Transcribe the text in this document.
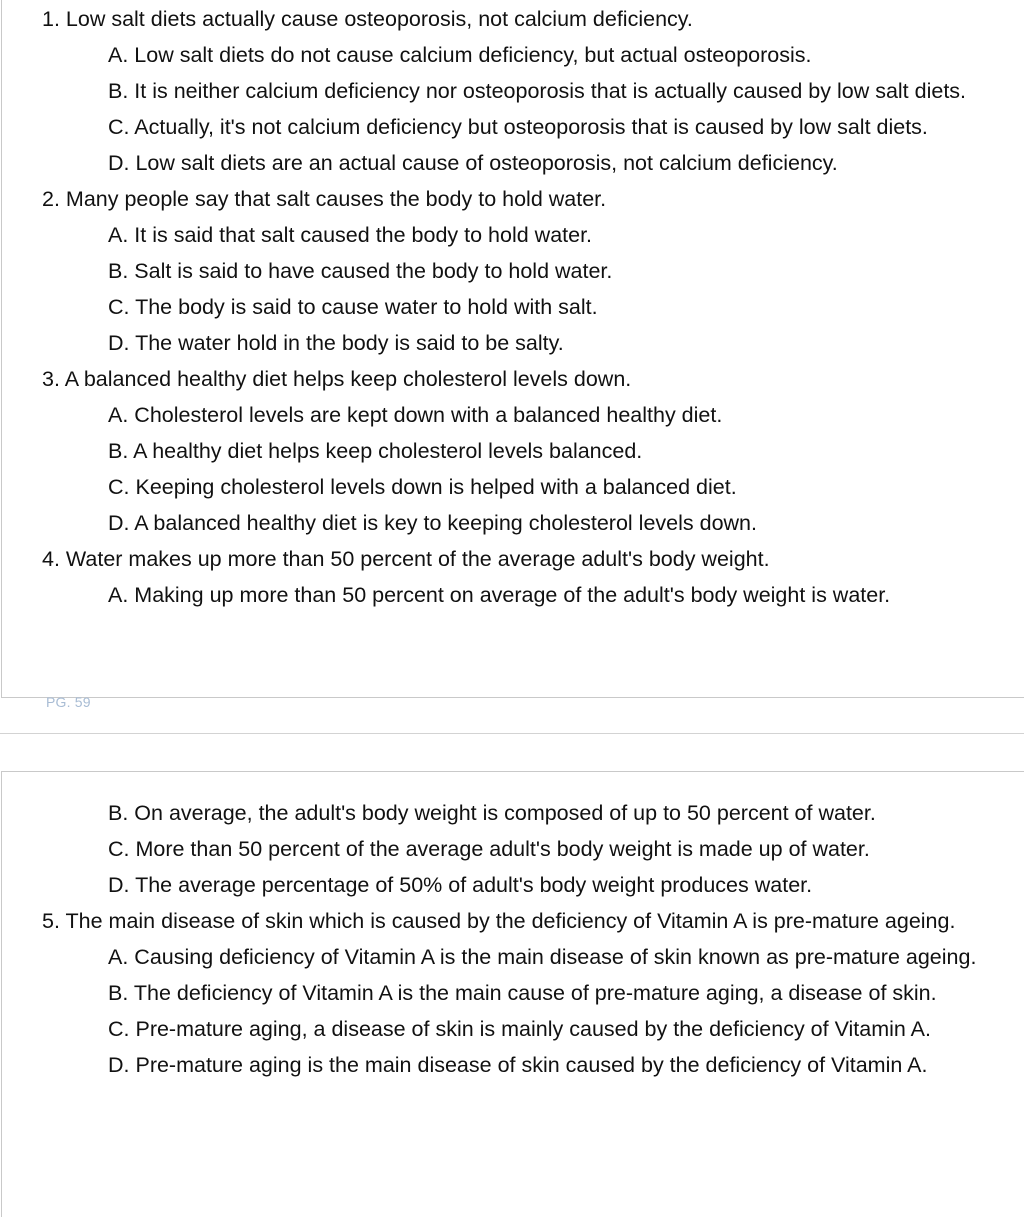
1. Low salt diets actually cause osteoporosis, not calcium deficiency.
A. Low salt diets do not cause calcium deficiency, but actual osteoporosis.
B. It is neither calcium deficiency nor osteoporosis that is actually caused by low salt diets.
C. Actually, it's not calcium deficiency but osteoporosis that is caused by low salt diets.
D. Low salt diets are an actual cause of osteoporosis, not calcium deficiency.
2. Many people say that salt causes the body to hold water.
A. It is said that salt caused the body to hold water.
B. Salt is said to have caused the body to hold water.
C. The body is said to cause water to hold with salt.
D. The water hold in the body is said to be salty.
3. A balanced healthy diet helps keep cholesterol levels down.
A. Cholesterol levels are kept down with a balanced healthy diet.
B. A healthy diet helps keep cholesterol levels balanced.
C. Keeping cholesterol levels down is helped with a balanced diet.
D. A balanced healthy diet is key to keeping cholesterol levels down.
4. Water makes up more than 50 percent of the average adult's body weight.
A. Making up more than 50 percent on average of the adult's body weight is water.
PG. 59
B. On average, the adult's body weight is composed of up to 50 percent of water.
C. More than 50 percent of the average adult's body weight is made up of water.
D. The average percentage of 50% of adult's body weight produces water.
5. The main disease of skin which is caused by the deficiency of Vitamin A is pre-mature ageing.
A. Causing deficiency of Vitamin A is the main disease of skin known as pre-mature ageing.
B. The deficiency of Vitamin A is the main cause of pre-mature aging, a disease of skin.
C. Pre-mature aging, a disease of skin is mainly caused by the deficiency of Vitamin A.
D. Pre-mature aging is the main disease of skin caused by the deficiency of Vitamin A.
